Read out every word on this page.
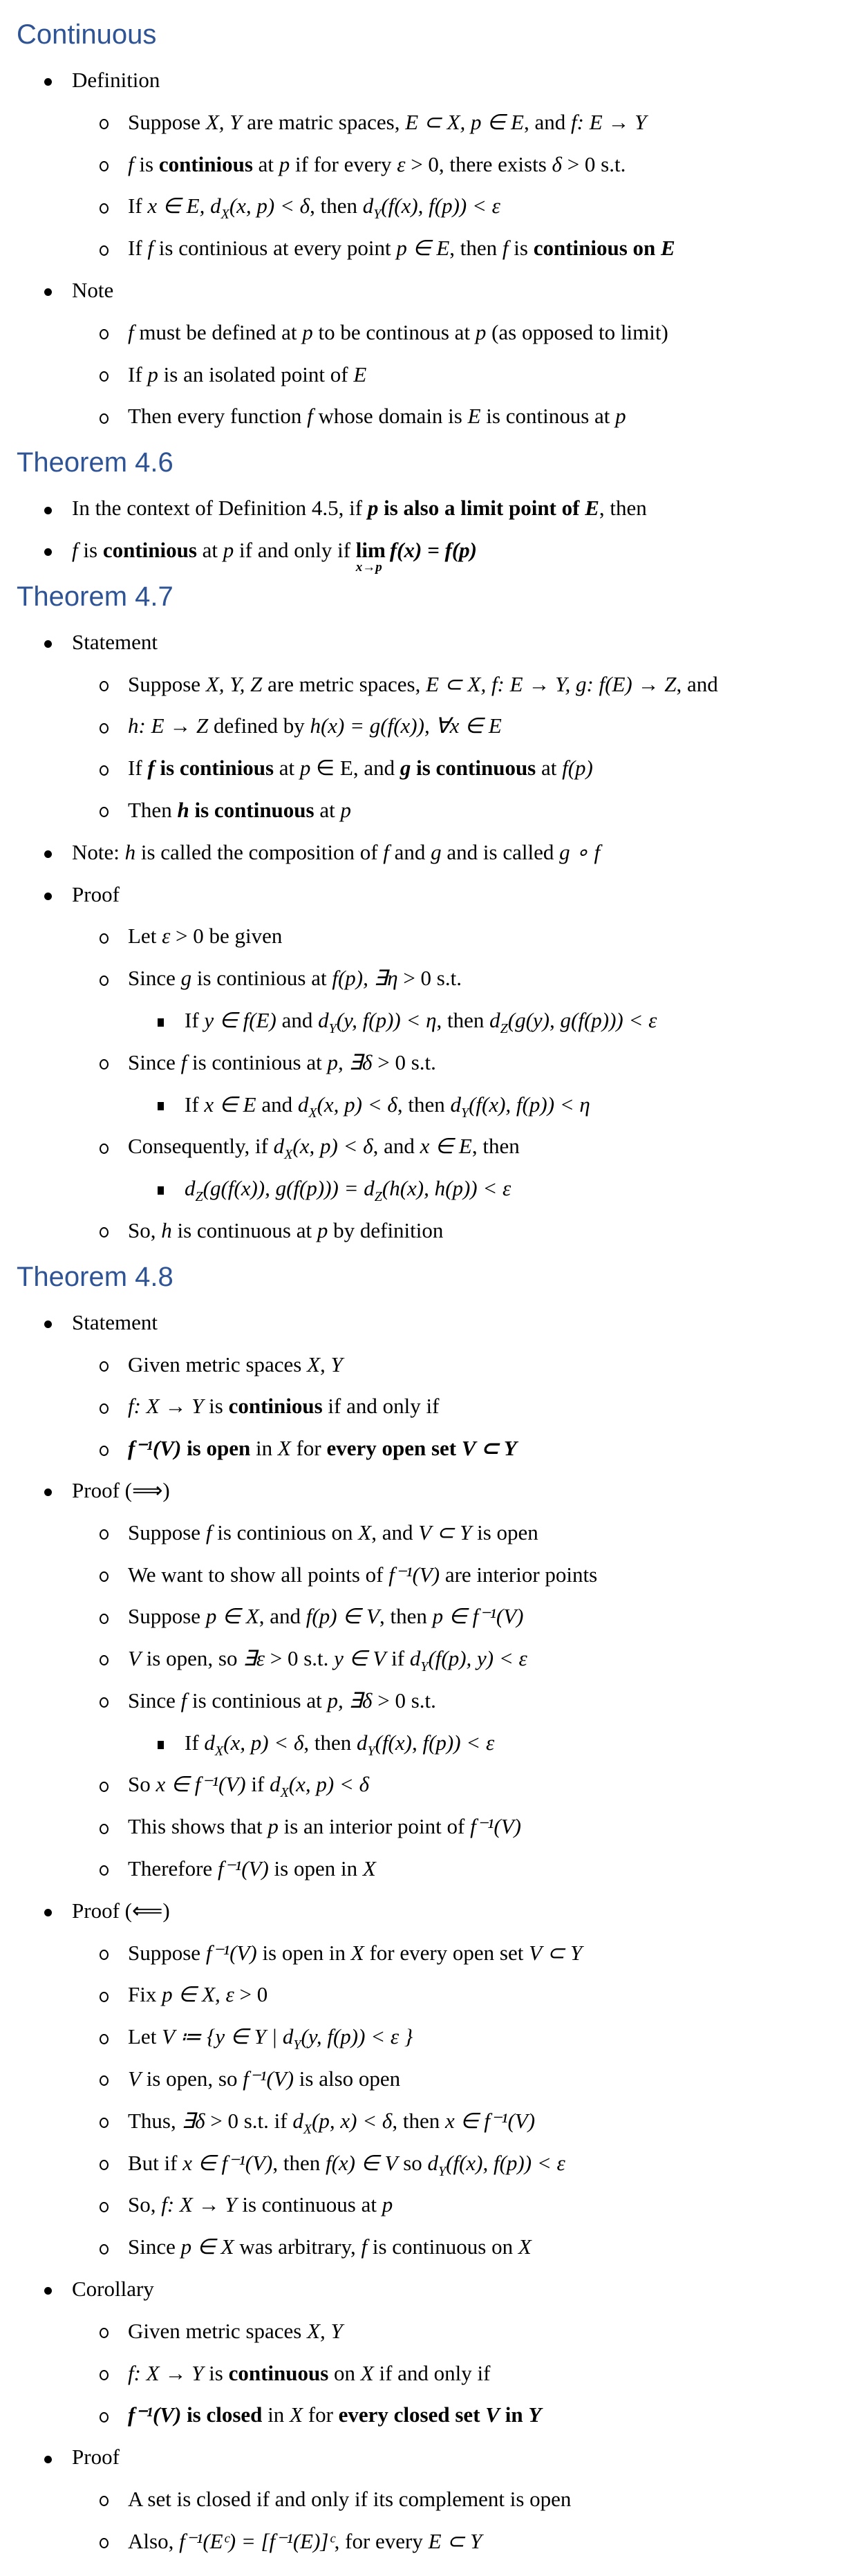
Continuous
Definition
Suppose X, Y are matric spaces, E ⊂ X, p ∈ E, and f: E → Y
f is continious at p if for every ε > 0, there exists δ > 0 s.t.
If x ∈ E, $d_X(x$, p) < δ, then $d_Y(f(x)$, f(p)) < ε
If f is continious at every point p ∈ E, then f is continious on E
Note
f must be defined at p to be continous at p (as opposed to limit)
If p is an isolated point of E
Then every function f whose domain is E is continous at p
Theorem 4.6
In the context of Definition 4.5, if p is also a limit point of E, then
f is continious at p if and only if lim
x→p
f(x) = f(p)
Theorem 4.7
Statement
Suppose X, Y, Z are metric spaces, E ⊂ X, f: E → Y, g: f(E) → Z, and
h: E → Z defined by h(x) = g(f(x)), ∀x ∈ E
If f is continious at p ∈ E, and g is continuous at f(p)
Then h is continuous at p
Note: h is called the composition of f and g and is called g ∘ f
Proof
Let ε > 0 be given
Since g is continious at f(p), ∃η > 0 s.t.
If y ∈ f(E) and $d_Y(y$, f(p)) < η, then $d_Z(g(y)$, g(f(p))) < ε
Since f is continious at p, ∃δ > 0 s.t.
If x ∈ E and $d_X(x$, p) < δ, then $d_Y(f(x)$, f(p)) < η
Consequently, if $d_X(x$, p) < δ, and x ∈ E, then
$d_Z(g(f(x))$, $g(f(p))) = d_Z(h(x)$, h(p)) < ε
So, h is continuous at p by definition
Theorem 4.8
Statement
Given metric spaces X, Y
f: X → Y is continious if and only if
f⁻¹(V) is open in X for every open set V ⊂ Y
Proof (⟹)
Suppose f is continious on X, and V ⊂ Y is open
We want to show all points of f⁻¹(V) are interior points
Suppose p ∈ X, and f(p) ∈ V, then p ∈ f⁻¹(V)
V is open, so ∃ε > 0 s.t. y ∈ V if $d_Y(f(p)$, y) < ε
Since f is continious at p, ∃δ > 0 s.t.
If $d_X(x$, p) < δ, then $d_Y(f(x)$, f(p)) < ε
So x ∈ f⁻¹(V) if $d_X(x$, p) < δ
This shows that p is an interior point of f⁻¹(V)
Therefore f⁻¹(V) is open in X
Proof (⟸)
Suppose f⁻¹(V) is open in X for every open set V ⊂ Y
Fix p ∈ X, ε > 0
Let V ≔ {y ∈ Y | $d_Y(y$, f(p)) < ε }
V is open, so f⁻¹(V) is also open
Thus, ∃δ > 0 s.t. if $d_X(p$, x) < δ, then x ∈ f⁻¹(V)
But if x ∈ f⁻¹(V), then f(x) ∈ V so $d_Y(f(x)$, f(p)) < ε
So, f: X → Y is continuous at p
Since p ∈ X was arbitrary, f is continuous on X
Corollary
Given metric spaces X, Y
f: X → Y is continuous on X if and only if
f⁻¹(V) is closed in X for every closed set V in Y
Proof
A set is closed if and only if its complement is open
Also, f⁻¹(Eᶜ) = [f⁻¹(E)]ᶜ, for every E ⊂ Y
